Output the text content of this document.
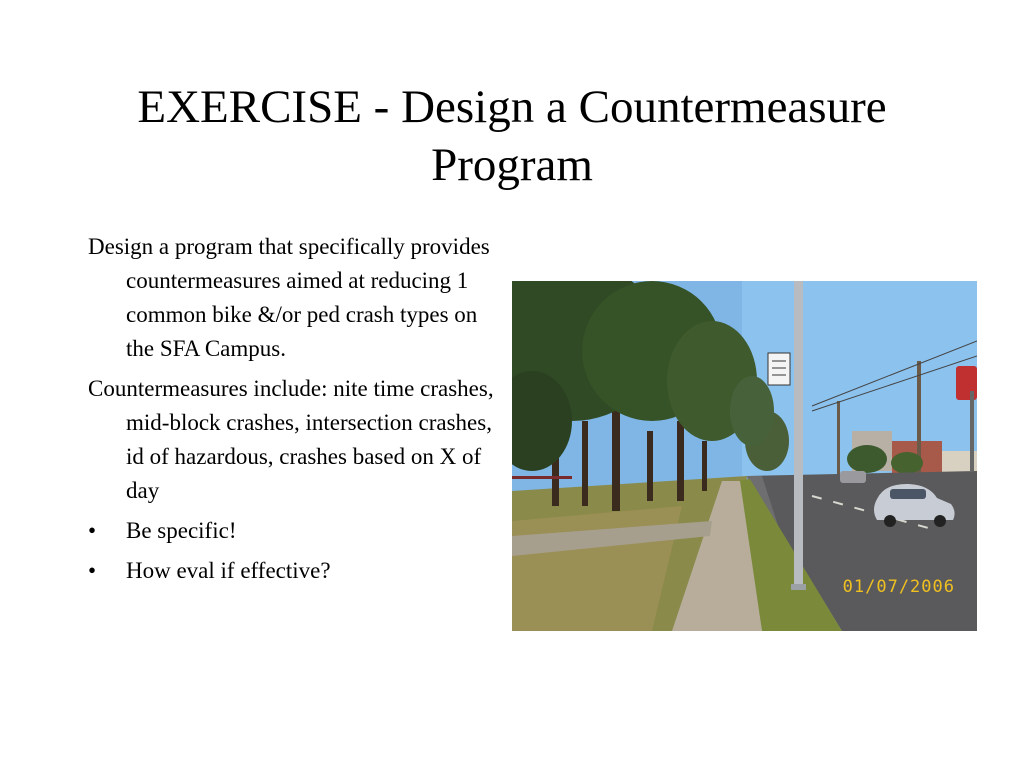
EXERCISE - Design a Countermeasure
Program

Design a program that specifically provides countermeasures aimed at reducing 1 common bike &/or ped crash types on the SFA Campus.

Countermeasures include: nite time crashes, mid-block crashes, intersection crashes, id of hazardous, crashes based on X of day

• Be specific!
• How eval if effective?
01/07/2006
